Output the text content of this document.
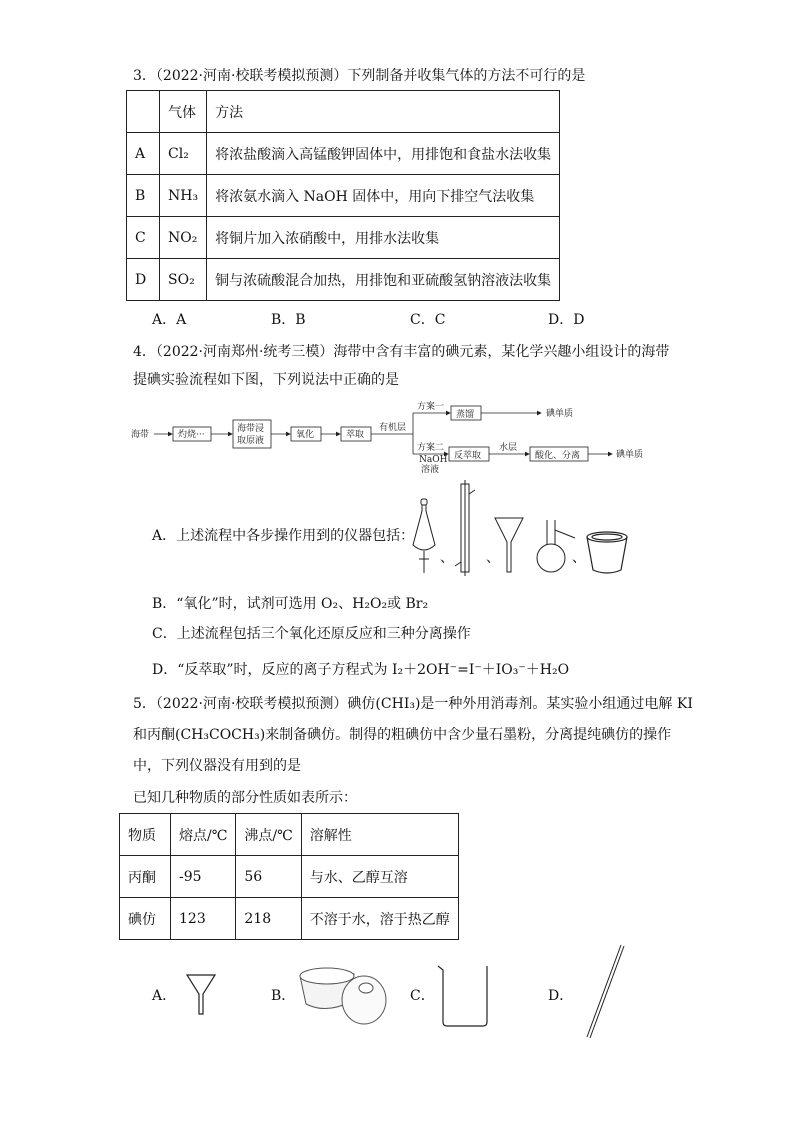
3．（2022·河南·校联考模拟预测）下列制备并收集气体的方法不可行的是
	气体	方法
A	Cl₂	将浓盐酸滴入高锰酸钾固体中，用排饱和食盐水法收集
B	NH₃	将浓氨水滴入 NaOH 固体中，用向下排空气法收集
C	NO₂	将铜片加入浓硝酸中，用排水法收集
D	SO₂	铜与浓硫酸混合加热，用排饱和亚硫酸氢钠溶液法收集
A．A	B．B	C．C	D．D
4．（2022·河南郑州·统考三模）海带中含有丰富的碘元素，某化学兴趣小组设计的海带
提碘实验流程如下图，下列说法中正确的是
海带	灼烧···
海带浸
取原液
氧化	萃取
有机层
方案一
蒸馏	碘单质
方案二
NaOH
溶液
反萃取
水层
酸化、分离	碘单质
A．上述流程中各步操作用到的仪器包括：
、 、	、
B．“氧化”时，试剂可选用 O₂、H₂O₂或 Br₂
C．上述流程包括三个氧化还原反应和三种分离操作
D．“反萃取”时，反应的离子方程式为 I₂＋2OH⁻=I⁻＋IO₃⁻＋H₂O
5．（2022·河南·校联考模拟预测）碘仿(CHI₃)是一种外用消毒剂。某实验小组通过电解 KI
和丙酮(CH₃COCH₃)来制备碘仿。制得的粗碘仿中含少量石墨粉，分离提纯碘仿的操作
中，下列仪器没有用到的是
已知几种物质的部分性质如表所示：
物质	熔点/℃	沸点/℃	溶解性
丙酮	-95	56	与水、乙醇互溶
碘仿	123	218	不溶于水，溶于热乙醇
A．	B．	C．	D．
